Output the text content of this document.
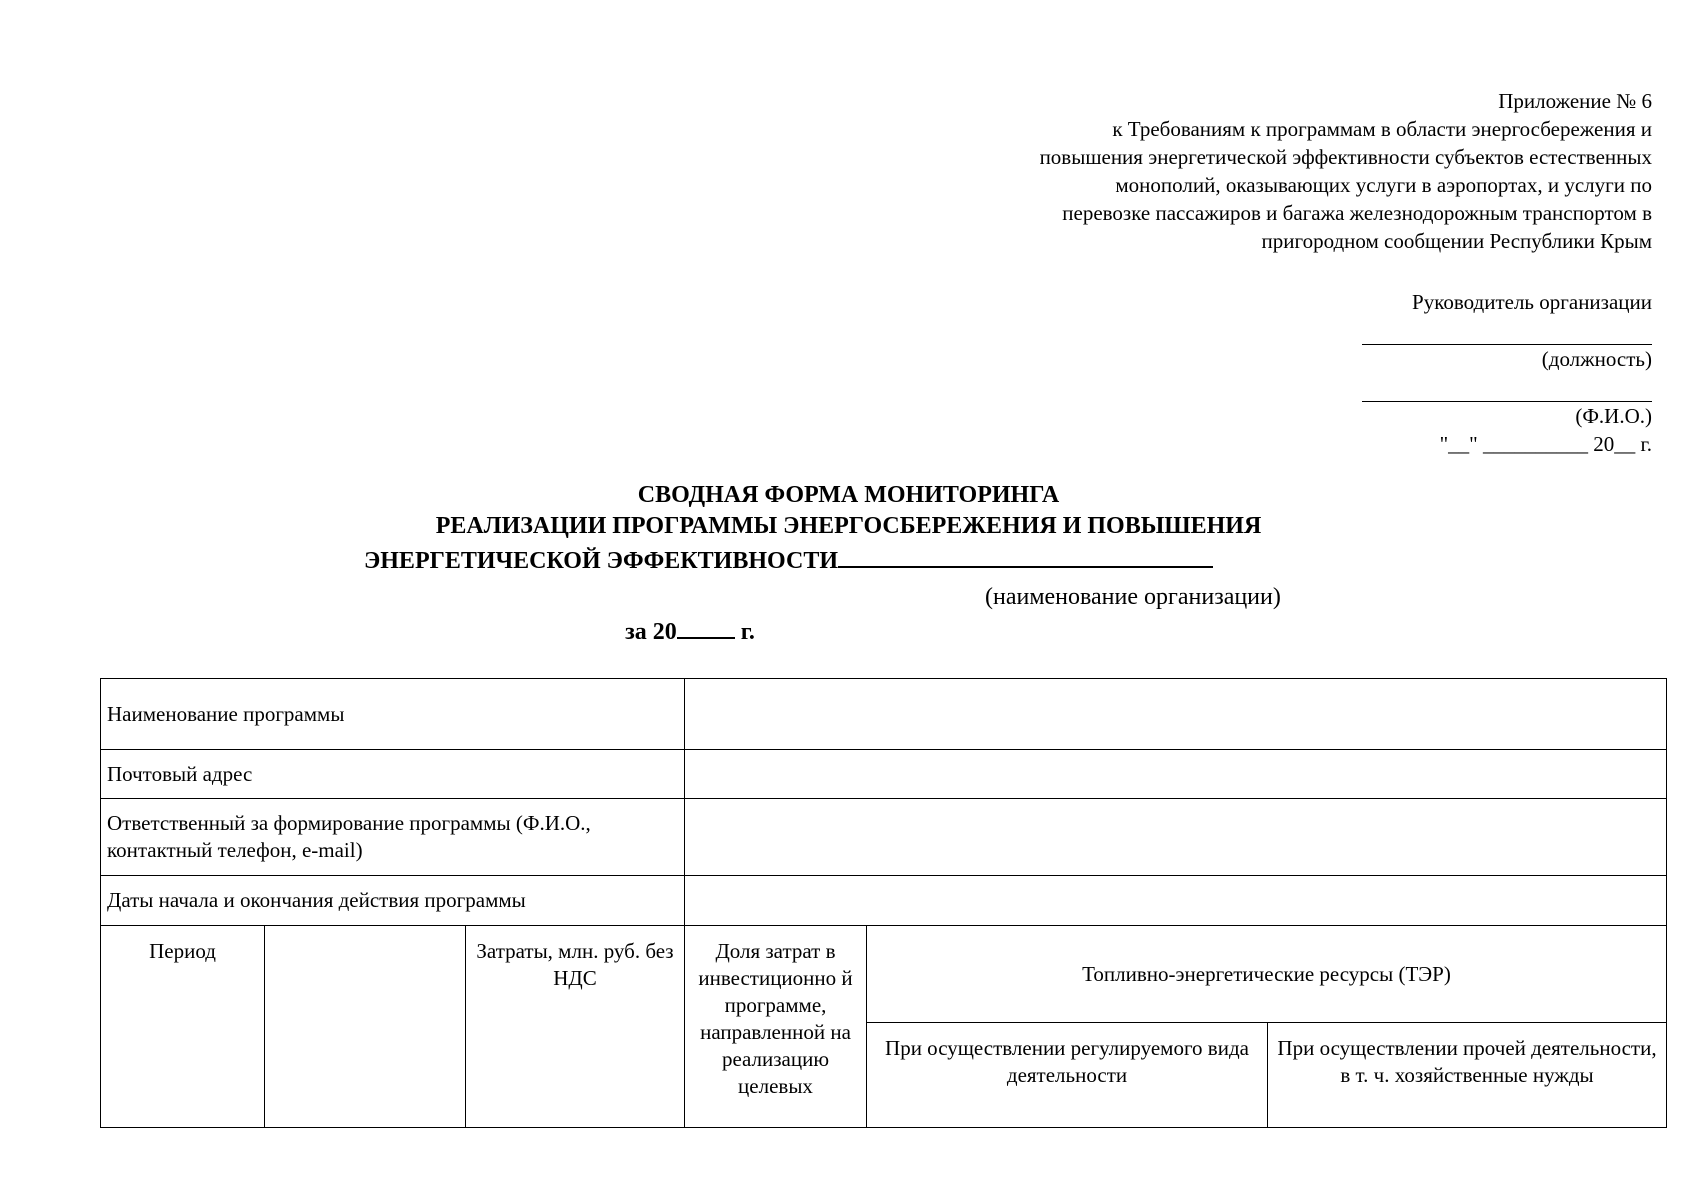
Приложение № 6
к Требованиям к программам в области энергосбережения и
повышения энергетической эффективности субъектов естественных
монополий, оказывающих услуги в аэропортах, и услуги по
перевозке пассажиров и багажа железнодорожным транспортом в
пригородном сообщении Республики Крым
Руководитель организации
(должность)
(Ф.И.О.)
"__" __________ 20__ г.
СВОДНАЯ ФОРМА МОНИТОРИНГА
РЕАЛИЗАЦИИ ПРОГРАММЫ ЭНЕРГОСБЕРЕЖЕНИЯ И ПОВЫШЕНИЯ
ЭНЕРГЕТИЧЕСКОЙ ЭФФЕКТИВНОСТИ
(наименование организации)
за 20	г.
Наименование программы					
Почтовый адрес					
Ответственный за формирование программы (Ф.И.О., контактный телефон, e-mail)					
Даты начала и окончания действия программы					
Период		Затраты, млн. руб. без НДС	Доля затрат в инвестиционно й программе, направленной на реализацию целевых	Топливно-энергетические ресурсы (ТЭР)	
				При осуществлении регулируемого вида деятельности	При осуществлении прочей деятельности, в т. ч. хозяйственные нужды
